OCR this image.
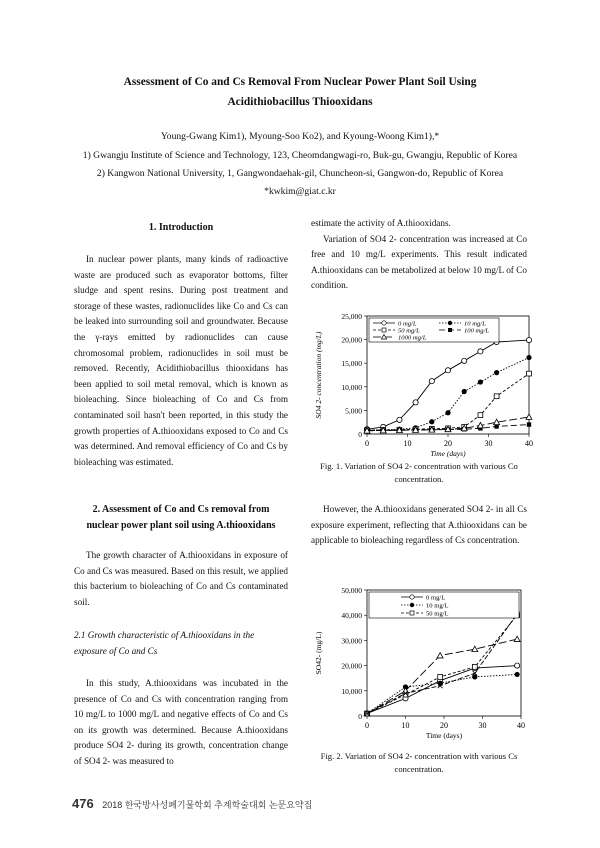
Assessment of Co and Cs Removal From Nuclear Power Plant Soil Using
Acidithiobacillus Thiooxidans
Young-Gwang Kim1), Myoung-Soo Ko2), and Kyoung-Woong Kim1),*
1) Gwangju Institute of Science and Technology, 123, Cheomdangwagi-ro, Buk-gu, Gwangju, Republic of Korea
2) Kangwon National University, 1, Gangwondaehak-gil, Chuncheon-si, Gangwon-do, Republic of Korea
*kwkim@giat.c.kr
1. Introduction

In nuclear power plants, many kinds of radioactive waste are produced such as evaporator bottoms, filter sludge and spent resins. During post treatment and storage of these wastes, radionuclides like Co and Cs can be leaked into surrounding soil and groundwater. Because the γ-rays emitted by radionuclides can cause chromosomal problem, radionuclides in soil must be removed. Recently, Acidithiobacillus thiooxidans has been applied to soil metal removal, which is known as bioleaching. Since bioleaching of Co and Cs from contaminated soil hasn't been reported, in this study the growth properties of A.thiooxidans exposed to Co and Cs was determined. And removal efficiency of Co and Cs by bioleaching was estimated.

2. Assessment of Co and Cs removal from
nuclear power plant soil using A.thiooxidans

The growth character of A.thiooxidans in exposure of Co and Cs was measured. Based on this result, we applied this bacterium to bioleaching of Co and Cs contaminated soil.

2.1 Growth characteristic of A.thiooxidans in the exposure of Co and Cs

In this study, A.thiooxidans was incubated in the presence of Co and Cs with concentration ranging from 10 mg/L to 1000 mg/L and negative effects of Co and Cs on its growth was determined. Because A.thiooxidans produce SO4 2- during its growth, concentration change of SO4 2- was measured to

estimate the activity of A.thiooxidans.

Variation of SO4 2- concentration was increased at Co free and 10 mg/L experiments. This result indicated A.thiooxidans can be metabolized at below 10 mg/L of Co condition.

0	10	20	30	40
0
5,000
10,000
15,000
20,000
25,000
Time (days)
SO4 2- concentration (mg/L)
0 mg/L	10 mg/L
50 mg/L	100 mg/L
1000 mg/L
Fig. 1. Variation of SO4 2- concentration with various Co concentration.

However, the A.thiooxidans generated SO4 2- in all Cs exposure experiment, reflecting that A.thiooxidans can be applicable to bioleaching regardless of Cs concentration.

0	10	20	30	40
0
10,000
20,000
30,000
40,000
50,000
Time (days)
SO42- (mg/L)
0 mg/L
10 mg/L
50 mg/L
Fig. 2. Variation of SO4 2- concentration with various Cs concentration.
476 2018 한국방사성폐기물학회 추계학술대회 논문요약집
